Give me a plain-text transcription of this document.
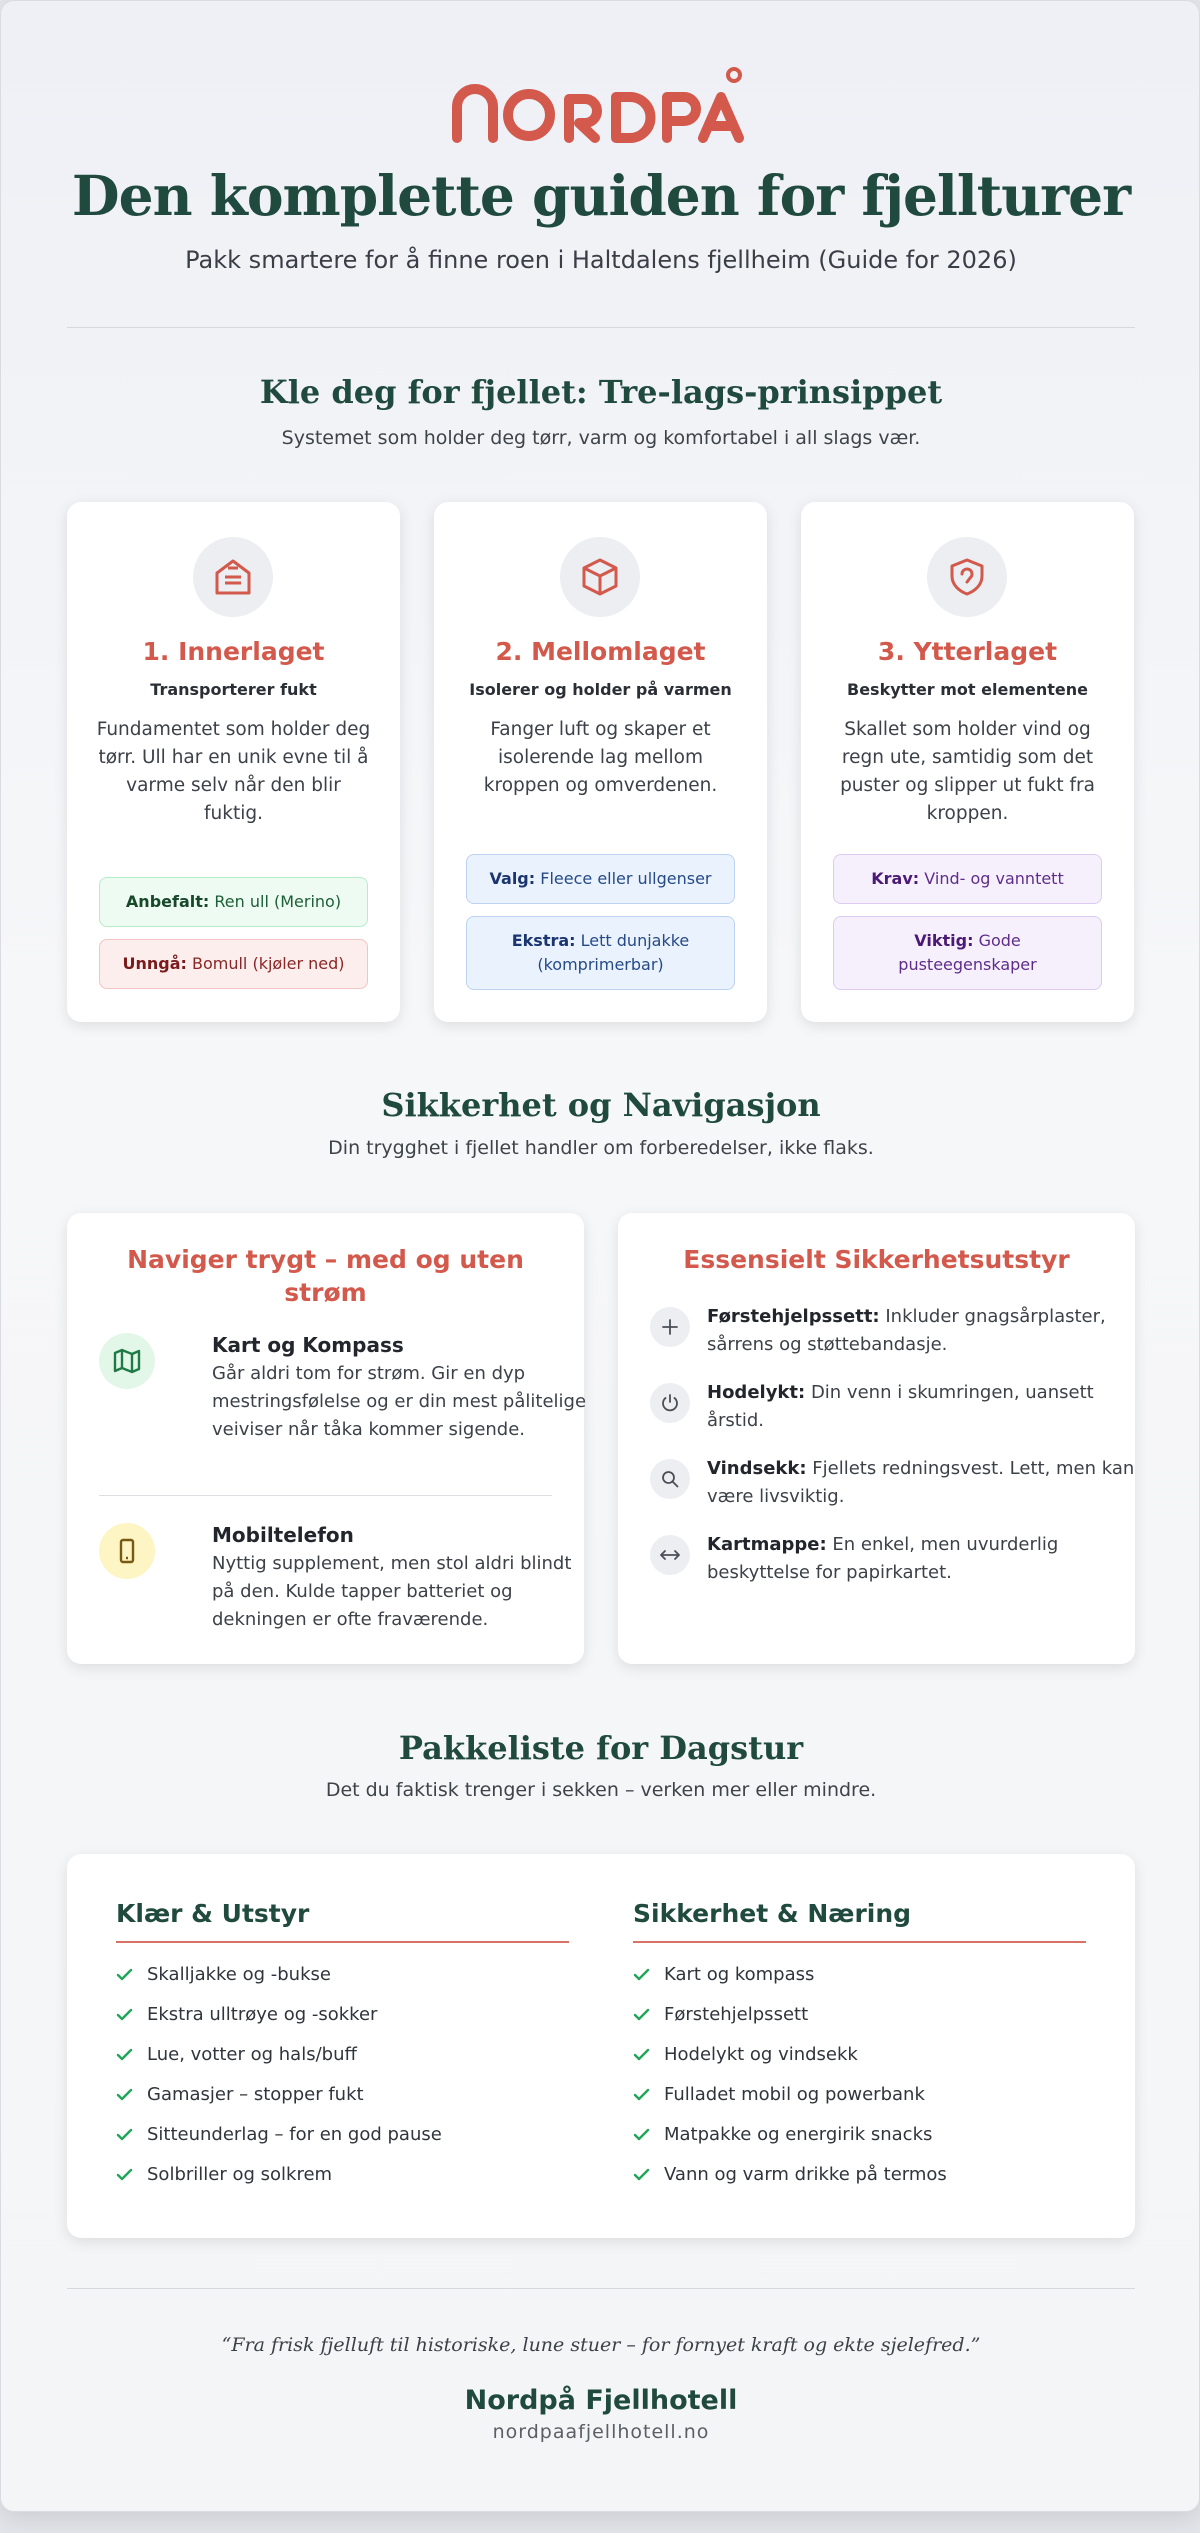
Den komplette guiden for fjellturer
Pakk smartere for å finne roen i Haltdalens fjellheim (Guide for 2026)
Kle deg for fjellet: Tre-lags-prinsippet
Systemet som holder deg tørr, varm og komfortabel i all slags vær.
1. Innerlaget
Transporterer fukt
Fundamentet som holder deg tørr. Ull har en unik evne til å varme selv når den blir fuktig.
Anbefalt: Ren ull (Merino)
Unngå: Bomull (kjøler ned)
2. Mellomlaget
Isolerer og holder på varmen
Fanger luft og skaper et isolerende lag mellom kroppen og omverdenen.
Valg: Fleece eller ullgenser
Ekstra: Lett dunjakke (komprimerbar)
3. Ytterlaget
Beskytter mot elementene
Skallet som holder vind og regn ute, samtidig som det puster og slipper ut fukt fra kroppen.
Krav: Vind- og vanntett
Viktig: Gode pusteegenskaper
Sikkerhet og Navigasjon
Din trygghet i fjellet handler om forberedelser, ikke flaks.
Naviger trygt – med og uten strøm
Kart og Kompass
Går aldri tom for strøm. Gir en dyp mestringsfølelse og er din mest pålitelige veiviser når tåka kommer sigende.
Mobiltelefon
Nyttig supplement, men stol aldri blindt på den. Kulde tapper batteriet og dekningen er ofte fraværende.
Essensielt Sikkerhetsutstyr
Førstehjelpssett: Inkluder gnagsårplaster, sårrens og støttebandasje.
Hodelykt: Din venn i skumringen, uansett årstid.
Vindsekk: Fjellets redningsvest. Lett, men kan være livsviktig.
Kartmappe: En enkel, men uvurderlig beskyttelse for papirkartet.
Pakkeliste for Dagstur
Det du faktisk trenger i sekken – verken mer eller mindre.
Klær & Utstyr
Skalljakke og -bukse
Ekstra ulltrøye og -sokker
Lue, votter og hals/buff
Gamasjer – stopper fukt
Sitteunderlag – for en god pause
Solbriller og solkrem
Sikkerhet & Næring
Kart og kompass
Førstehjelpssett
Hodelykt og vindsekk
Fulladet mobil og powerbank
Matpakke og energirik snacks
Vann og varm drikke på termos
“Fra frisk fjelluft til historiske, lune stuer – for fornyet kraft og ekte sjelefred.”
Nordpå Fjellhotell
nordpaafjellhotell.no
